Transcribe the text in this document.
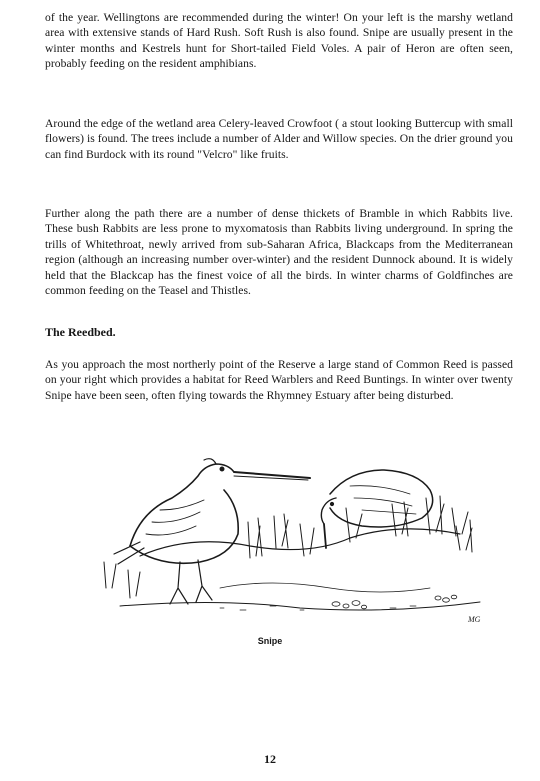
of the year. Wellingtons are recommended during the winter! On your left is the marshy wetland area with extensive stands of Hard Rush. Soft Rush is also found. Snipe are usually present in the winter months and Kestrels hunt for Short-tailed Field Voles. A pair of Heron are often seen, probably feeding on the resident amphibians.

Around the edge of the wetland area Celery-leaved Crowfoot ( a stout looking Buttercup with small flowers) is found. The trees include a number of Alder and Willow species. On the drier ground you can find Burdock with its round "Velcro" like fruits.

Further along the path there are a number of dense thickets of Bramble in which Rabbits live. These bush Rabbits are less prone to myxomatosis than Rabbits living underground. In spring the trills of Whitethroat, newly arrived from sub-Saharan Africa, Blackcaps from the Mediterranean region (although an increasing number over-winter) and the resident Dunnock abound. It is widely held that the Blackcap has the finest voice of all the birds. In winter charms of Goldfinches are common feeding on the Teasel and Thistles.

The Reedbed.

As you approach the most northerly point of the Reserve a large stand of Common Reed is passed on your right which provides a habitat for Reed Warblers and Reed Buntings. In winter over twenty Snipe have been seen, often flying towards the Rhymney Estuary after being disturbed.

MG

Snipe

12
